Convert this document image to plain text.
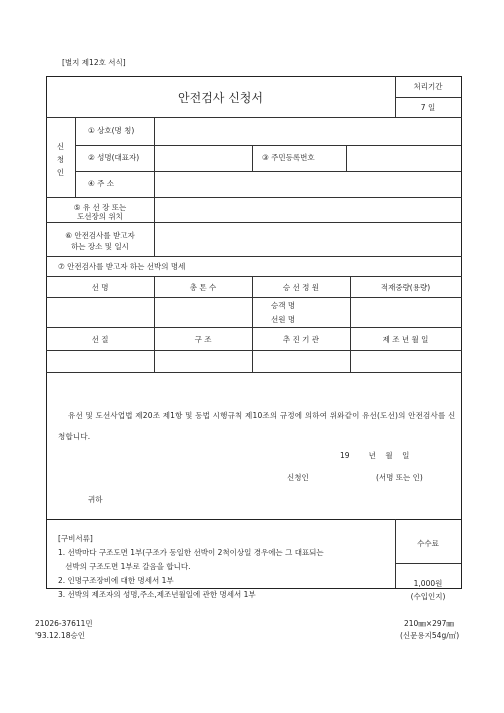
[별지 제12호 서식]
안전검사 신청서
처리기간
7 일
신
청
인
① 상호(명 칭)
② 성명(대표자)	③ 주민등록번호
④ 주 소
⑤ 유 선 장 또는
도선장의 위치
⑥ 안전검사를 받고자
하는 장소 및 일시
⑦ 안전검사를 받고자 하는 선박의 명세
선 명	총 톤 수	승 선 정 원	적재중량(용량)
승객 명
선원 명
선 질	구 조	추 진 기 관	제 조 년 월 일
유선 및 도선사업법 제20조 제1항 및 동법 시행규칙 제10조의 규정에 의하여 위와같이 유선(도선)의 안전검사를 신청합니다.
19        년    월    일
신청인	(서명 또는 인)
귀하
[구비서류]
1. 선박마다 구조도면 1부(구조가 동일한 선박이 2척이상일 경우에는 그 대표되는
선박의 구조도면 1부로 갈음을 합니다.
2. 인명구조장비에 대한 명세서 1부
3. 선박의 제조자의 성명,주소,제조년월일에 관한 명세서 1부
수수료
1,000원
(수입인지)
21026-37611민
'93.12.18승인
210㎜×297㎜
(신문용지54g/㎡)
